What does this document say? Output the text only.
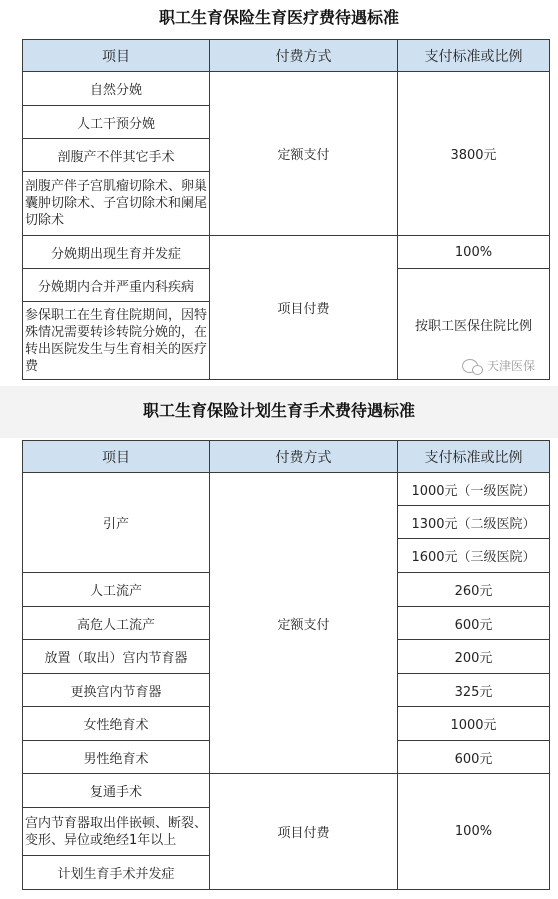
职工生育保险生育医疗费待遇标准
项目	付费方式	支付标准或比例
自然分娩	定额支付	3800元
人工干预分娩		
剖腹产不伴其它手术		
剖腹产伴子宫肌瘤切除术、卵巢囊肿切除术、子宫切除术和阑尾切除术		
分娩期出现生育并发症	项目付费	100%
分娩期内合并严重内科疾病		按职工医保住院比例
参保职工在生育住院期间，因特殊情况需要转诊转院分娩的，在转出医院发生与生育相关的医疗费			天津医保
职工生育保险计划生育手术费待遇标准
项目	付费方式	支付标准或比例
引产	定额支付	1000元（一级医院）
		1300元（二级医院）
		1600元（三级医院）
人工流产		260元
高危人工流产		600元
放置（取出）宫内节育器		200元
更换宫内节育器		325元
女性绝育术		1000元
男性绝育术		600元
复通手术	项目付费	100%
宫内节育器取出伴嵌顿、断裂、变形、异位或绝经1年以上		
计划生育手术并发症		
